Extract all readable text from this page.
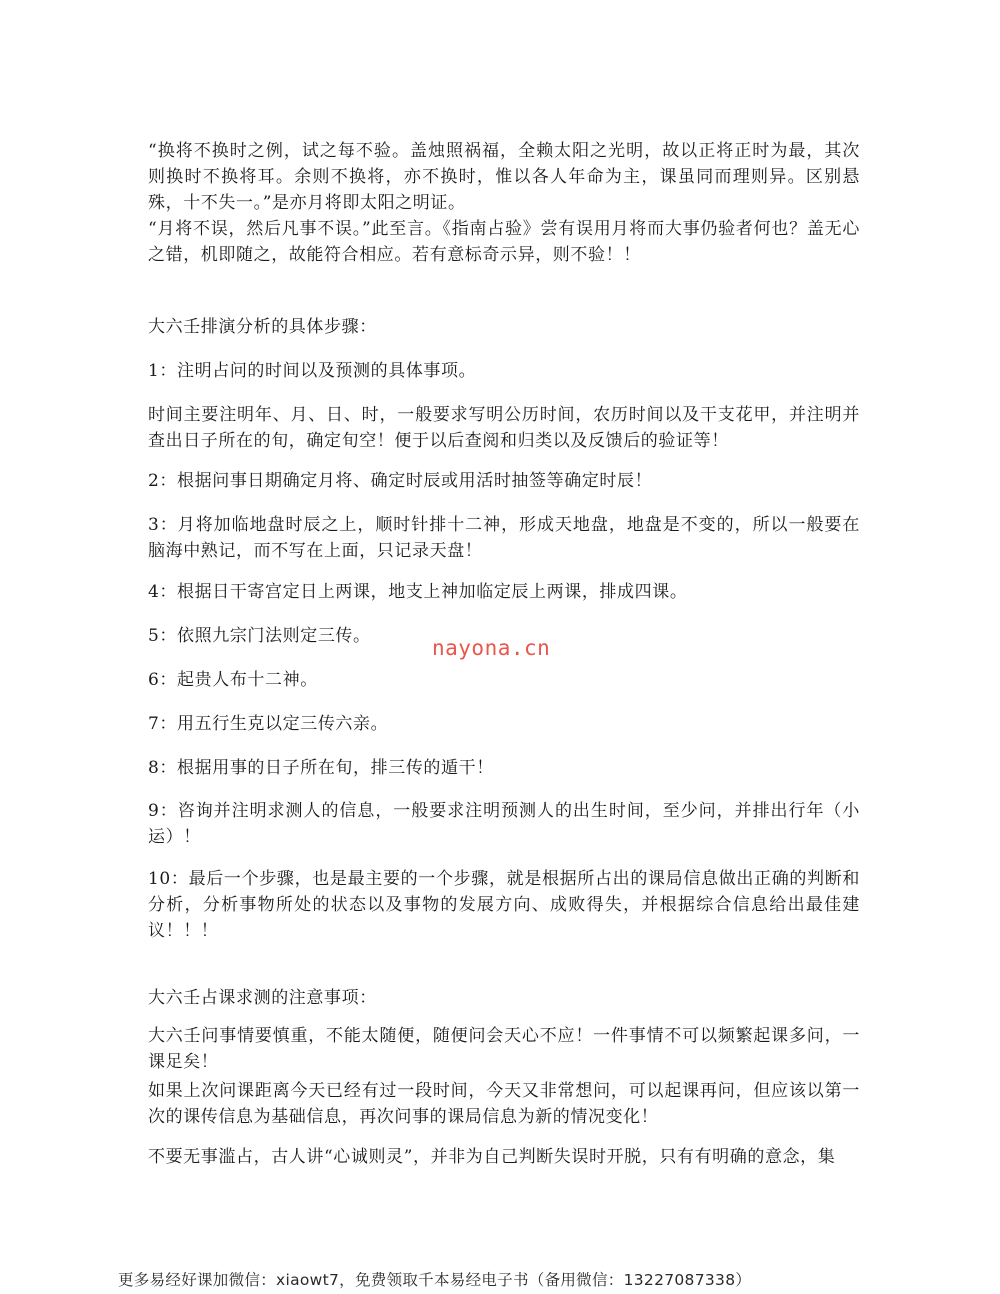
“换将不换时之例，试之每不验。盖烛照祸福，全赖太阳之光明，故以正将正时为最，其次则换时不换将耳。余则不换将，亦不换时，惟以各人年命为主，课虽同而理则异。区别悬殊，十不失一。”是亦月将即太阳之明证。

“月将不误，然后凡事不误。”此至言。《指南占验》尝有误用月将而大事仍验者何也？盖无心之错，机即随之，故能符合相应。若有意标奇示异，则不验！！

大六壬排演分析的具体步骤：

1：注明占问的时间以及预测的具体事项。

时间主要注明年、月、日、时，一般要求写明公历时间，农历时间以及干支花甲，并注明并查出日子所在的旬，确定旬空！便于以后查阅和归类以及反馈后的验证等！

2：根据问事日期确定月将、确定时辰或用活时抽签等确定时辰！

3：月将加临地盘时辰之上，顺时针排十二神，形成天地盘，地盘是不变的，所以一般要在脑海中熟记，而不写在上面，只记录天盘！

4：根据日干寄宫定日上两课，地支上神加临定辰上两课，排成四课。

5：依照九宗门法则定三传。

6：起贵人布十二神。

7：用五行生克以定三传六亲。

8：根据用事的日子所在旬，排三传的遁干！

9：咨询并注明求测人的信息，一般要求注明预测人的出生时间，至少问，并排出行年（小运）！

10：最后一个步骤，也是最主要的一个步骤，就是根据所占出的课局信息做出正确的判断和分析，分析事物所处的状态以及事物的发展方向、成败得失，并根据综合信息给出最佳建议！！！

大六壬占课求测的注意事项：

大六壬问事情要慎重，不能太随便，随便问会天心不应！一件事情不可以频繁起课多问，一课足矣！

如果上次问课距离今天已经有过一段时间，今天又非常想问，可以起课再问，但应该以第一次的课传信息为基础信息，再次问事的课局信息为新的情况变化！

不要无事滥占，古人讲“心诚则灵”，并非为自己判断失误时开脱，只有有明确的意念，集

nayona.cn
更多易经好课加微信：xiaowt7，免费领取千本易经电子书（备用微信：13227087338）
